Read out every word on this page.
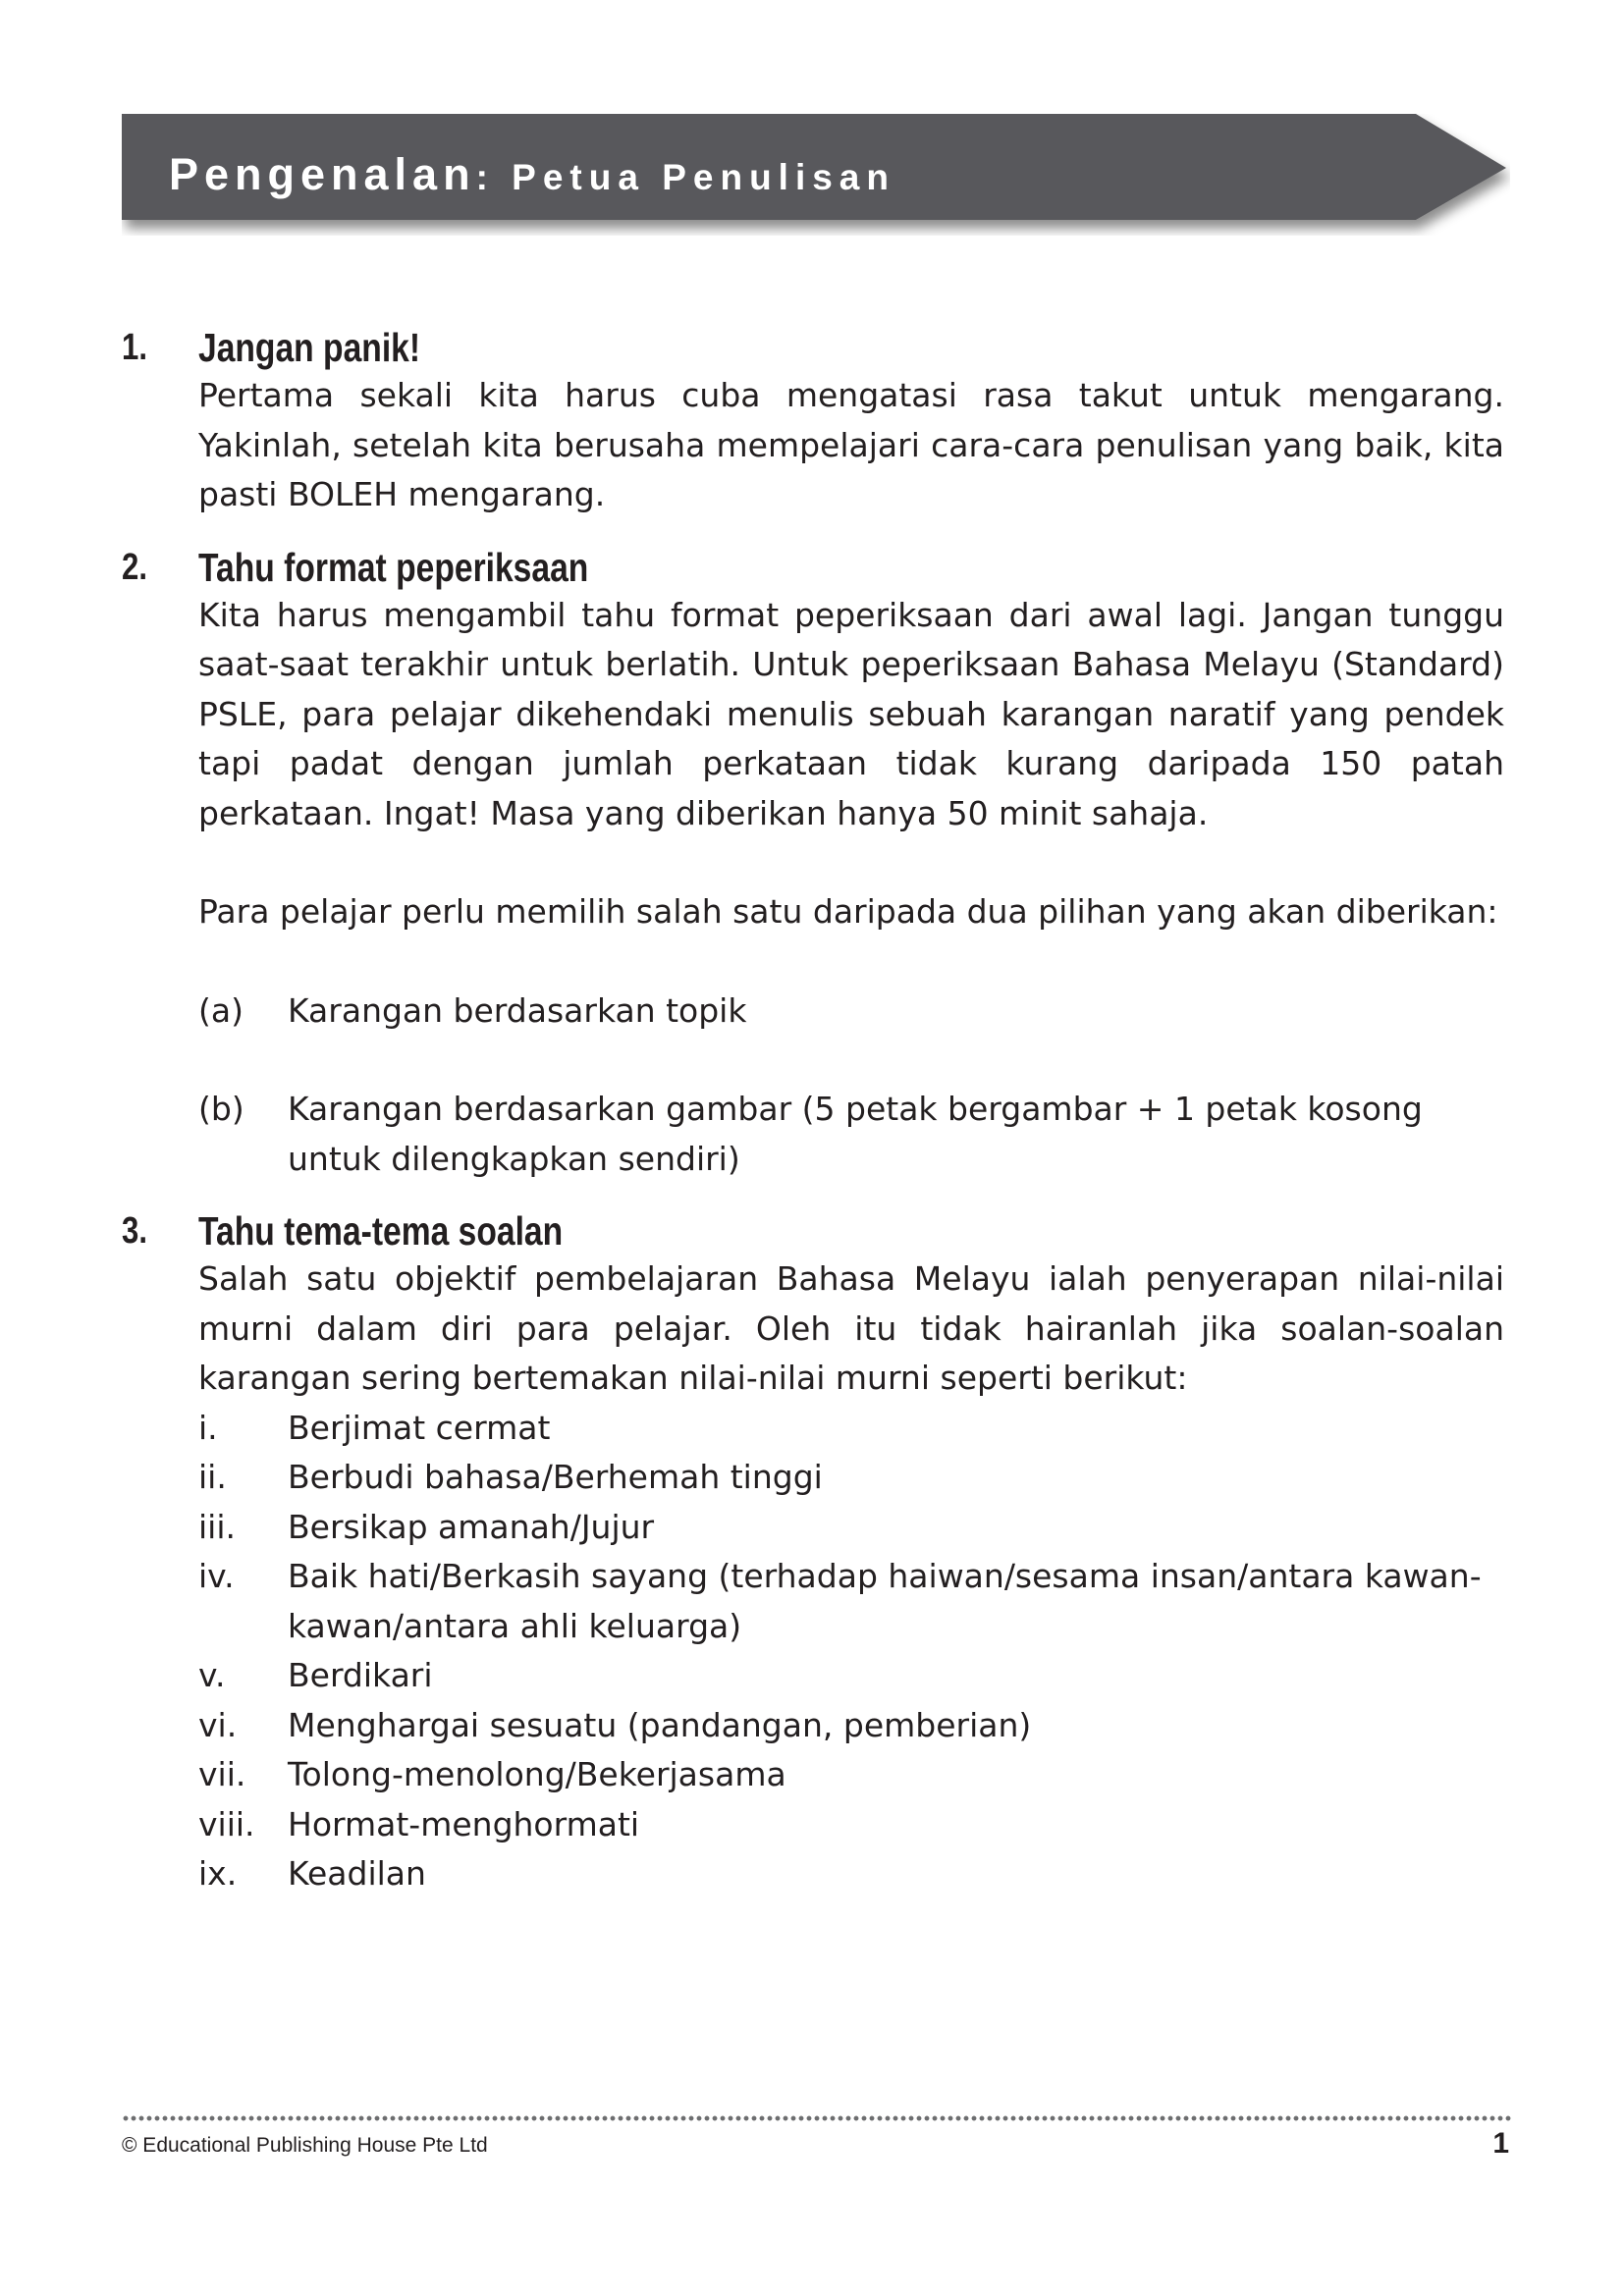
Pengenalan: Petua Penulisan
1. Jangan panik!

Pertama sekali kita harus cuba mengatasi rasa takut untuk mengarang. Yakinlah, setelah kita berusaha mempelajari cara-cara penulisan yang baik, kita pasti BOLEH mengarang.

2. Tahu format peperiksaan

Kita harus mengambil tahu format peperiksaan dari awal lagi. Jangan tunggu saat-saat terakhir untuk berlatih. Untuk peperiksaan Bahasa Melayu (Standard) PSLE, para pelajar dikehendaki menulis sebuah karangan naratif yang pendek tapi padat dengan jumlah perkataan tidak kurang daripada 150 patah perkataan. Ingat! Masa yang diberikan hanya 50 minit sahaja.

Para pelajar perlu memilih salah satu daripada dua pilihan yang akan diberikan:

(a) Karangan berdasarkan topik
(b) Karangan berdasarkan gambar (5 petak bergambar + 1 petak kosong untuk dilengkapkan sendiri)
3. Tahu tema-tema soalan

Salah satu objektif pembelajaran Bahasa Melayu ialah penyerapan nilai-nilai murni dalam diri para pelajar. Oleh itu tidak hairanlah jika soalan-soalan karangan sering bertemakan nilai-nilai murni seperti berikut:

i. Berjimat cermat
ii. Berbudi bahasa/Berhemah tinggi
iii. Bersikap amanah/Jujur
iv. Baik hati/Berkasih sayang (terhadap haiwan/sesama insan/antara kawan-kawan/antara ahli keluarga)
v. Berdikari
vi. Menghargai sesuatu (pandangan, pemberian)
vii. Tolong-menolong/Bekerjasama
viii. Hormat-menghormati
ix. Keadilan
© Educational Publishing House Pte Ltd	1
